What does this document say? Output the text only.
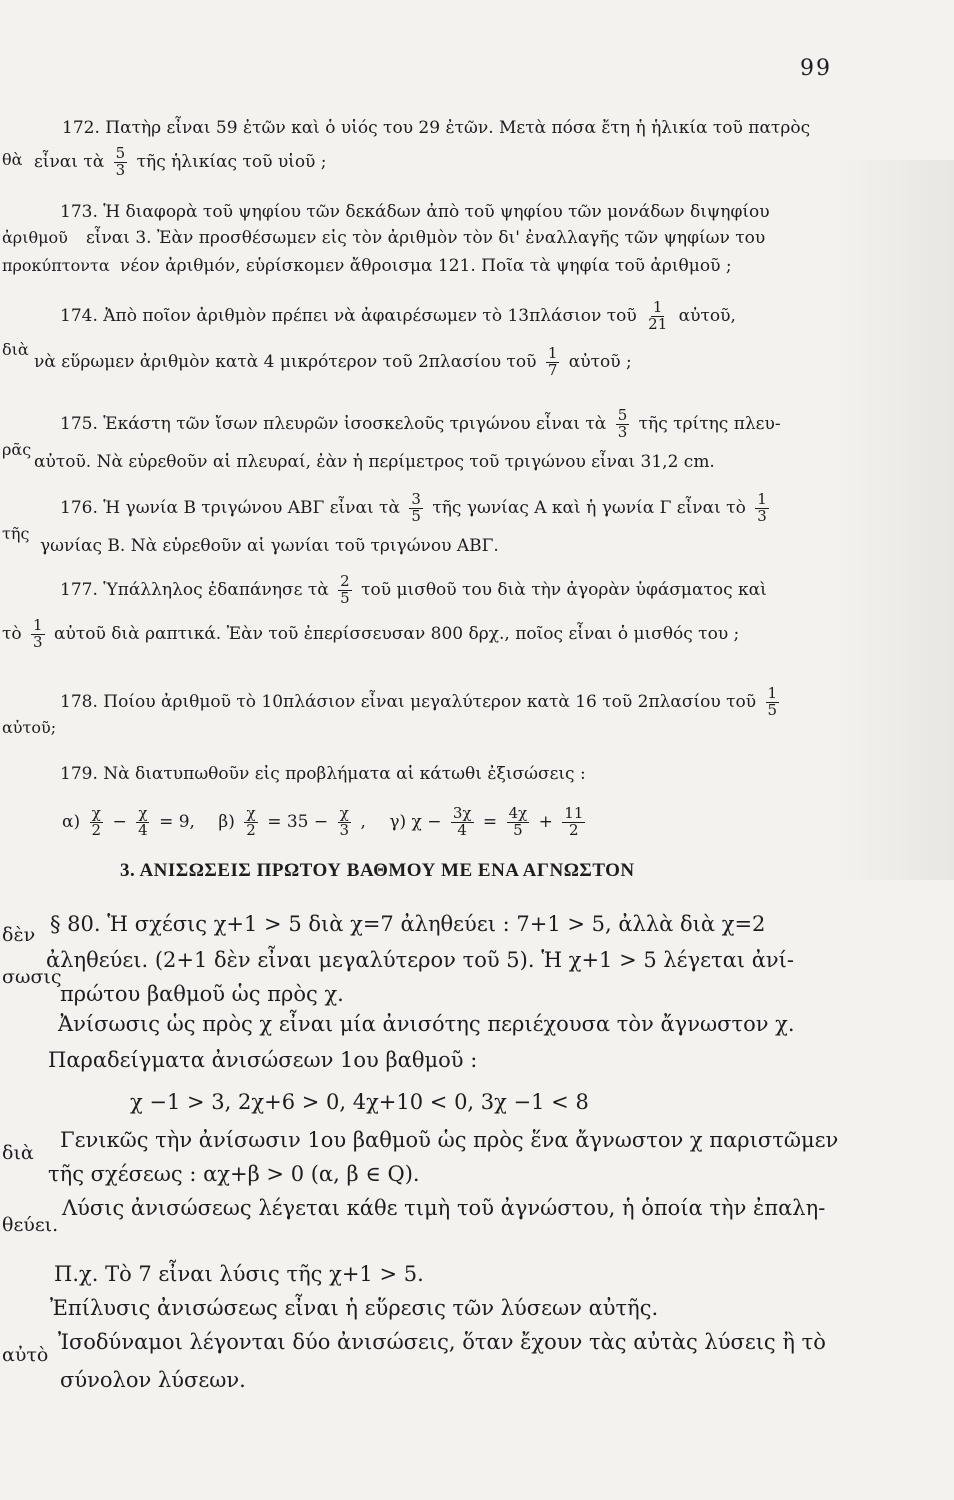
99
172. Πατὴρ εἶναι 59 ἐτῶν καὶ ὁ υἱός του 29 ἐτῶν. Μετὰ πόσα ἔτη ἡ ἡλικία τοῦ πατρὸς
θὰ εἶναι τὰ $\frac{5}{3}$ τῆς ἡλικίας τοῦ υἱοῦ ;
173. Ἡ διαφορὰ τοῦ ψηφίου τῶν δεκάδων ἀπὸ τοῦ ψηφίου τῶν μονάδων διψηφίου
ἀριθμοῦ εἶναι 3. Ἐὰν προσθέσωμεν εἰς τὸν ἀριθμὸν τὸν δι' ἐναλλαγῆς τῶν ψηφίων του
προκύπτοντα νέον ἀριθμόν, εὑρίσκομεν ἄθροισμα 121. Ποῖα τὰ ψηφία τοῦ ἀριθμοῦ ;
174. Ἀπὸ ποῖον ἀριθμὸν πρέπει νὰ ἀφαιρέσωμεν τὸ 13πλάσιον τοῦ $\frac{1}{21}$ αὐτοῦ,
διὰ
νὰ εὕρωμεν ἀριθμὸν κατὰ 4 μικρότερον τοῦ 2πλασίου τοῦ $\frac{1}{7}$ αὐτοῦ ;
175. Ἑκάστη τῶν ἴσων πλευρῶν ἰσοσκελοῦς τριγώνου εἶναι τὰ $\frac{5}{3}$ τῆς τρίτης πλευ-
ρᾶς
αὐτοῦ. Νὰ εὑρεθοῦν αἱ πλευραί, ἐὰν ἡ περίμετρος τοῦ τριγώνου εἶναι 31,2 cm.
176. Ἡ γωνία Β τριγώνου ΑΒΓ εἶναι τὰ $\frac{3}{5}$ τῆς γωνίας Α καὶ ἡ γωνία Γ εἶναι τὸ $\frac{1}{3}$
τῆς
γωνίας Β. Νὰ εὑρεθοῦν αἱ γωνίαι τοῦ τριγώνου ΑΒΓ.
177. Ὑπάλληλος ἐδαπάνησε τὰ $\frac{2}{5}$ τοῦ μισθοῦ του διὰ τὴν ἀγορὰν ὑφάσματος καὶ
τὸ $\frac{1}{3}$ αὐτοῦ διὰ ραπτικά. Ἐὰν τοῦ ἐπερίσσευσαν 800 δρχ., ποῖος εἶναι ὁ μισθός του ;
178. Ποίου ἀριθμοῦ τὸ 10πλάσιον εἶναι μεγαλύτερον κατὰ 16 τοῦ 2πλασίου τοῦ $\frac{1}{5}$
αὐτοῦ;
179. Νὰ διατυπωθοῦν εἰς προβλήματα αἱ κάτωθι ἐξισώσεις :
$\alpha) \frac{\chi}{2} - \frac{\chi}{4} = 9$, $\beta) \frac{\chi}{2} = 35 - \frac{\chi}{3}$ , γ) $\chi - \frac{3\chi}{4} = \frac{4\chi}{5} + \frac{11}{2}$
3. ΑΝΙΣΩΣΕΙΣ ΠΡΩΤΟΥ ΒΑΘΜΟΥ ΜΕ ΕΝΑ ΑΓΝΩΣΤΟΝ
§ 80. Ἡ σχέσις χ+1 > 5 διὰ χ=7 ἀληθεύει : 7+1 > 5, ἀλλὰ διὰ χ=2
δὲν
ἀληθεύει. (2+1 δὲν εἶναι μεγαλύτερον τοῦ 5). Ἡ χ+1 > 5 λέγεται ἀνί-
σωσις
πρώτου βαθμοῦ ὡς πρὸς χ.
Ἀνίσωσις ὡς πρὸς χ εἶναι μία ἀνισότης περιέχουσα τὸν ἄγνωστον χ.
Παραδείγματα ἀνισώσεων 1ου βαθμοῦ :
χ −1 > 3, 2χ+6 > 0, 4χ+10 < 0, 3χ −1 < 8
Γενικῶς τὴν ἀνίσωσιν 1ου βαθμοῦ ὡς πρὸς ἕνα ἄγνωστον χ παριστῶμεν
διὰ
τῆς σχέσεως : αχ+β > 0 (α, β ∈ Q).
Λύσις ἀνισώσεως λέγεται κάθε τιμὴ τοῦ ἀγνώστου, ἡ ὁποία τὴν ἐπαλη-
θεύει.
Π.χ. Τὸ 7 εἶναι λύσις τῆς χ+1 > 5.
Ἐπίλυσις ἀνισώσεως εἶναι ἡ εὕρεσις τῶν λύσεων αὐτῆς.
Ἰσοδύναμοι λέγονται δύο ἀνισώσεις, ὅταν ἔχουν τὰς αὐτὰς λύσεις ἢ τὸ
αὐτὸ
σύνολον λύσεων.
